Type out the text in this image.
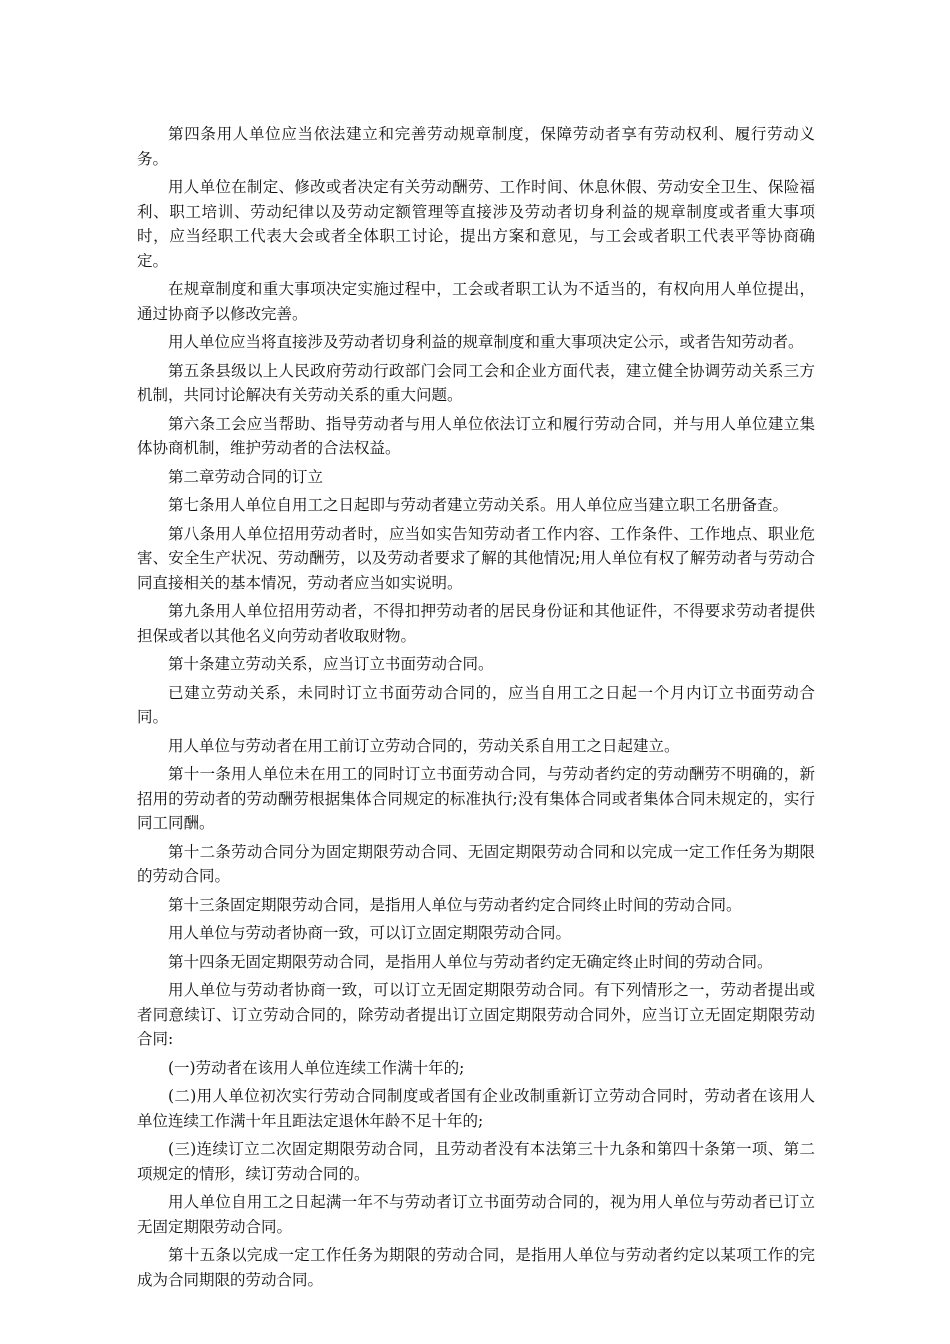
第四条用人单位应当依法建立和完善劳动规章制度，保障劳动者享有劳动权利、履行劳动义务。

用人单位在制定、修改或者决定有关劳动酬劳、工作时间、休息休假、劳动安全卫生、保险福利、职工培训、劳动纪律以及劳动定额管理等直接涉及劳动者切身利益的规章制度或者重大事项时，应当经职工代表大会或者全体职工讨论，提出方案和意见，与工会或者职工代表平等协商确定。

在规章制度和重大事项决定实施过程中，工会或者职工认为不适当的，有权向用人单位提出，通过协商予以修改完善。

用人单位应当将直接涉及劳动者切身利益的规章制度和重大事项决定公示，或者告知劳动者。

第五条县级以上人民政府劳动行政部门会同工会和企业方面代表，建立健全协调劳动关系三方机制，共同讨论解决有关劳动关系的重大问题。

第六条工会应当帮助、指导劳动者与用人单位依法订立和履行劳动合同，并与用人单位建立集体协商机制，维护劳动者的合法权益。

第二章劳动合同的订立

第七条用人单位自用工之日起即与劳动者建立劳动关系。用人单位应当建立职工名册备查。

第八条用人单位招用劳动者时，应当如实告知劳动者工作内容、工作条件、工作地点、职业危害、安全生产状况、劳动酬劳，以及劳动者要求了解的其他情况;用人单位有权了解劳动者与劳动合同直接相关的基本情况，劳动者应当如实说明。

第九条用人单位招用劳动者，不得扣押劳动者的居民身份证和其他证件，不得要求劳动者提供担保或者以其他名义向劳动者收取财物。

第十条建立劳动关系，应当订立书面劳动合同。

已建立劳动关系，未同时订立书面劳动合同的，应当自用工之日起一个月内订立书面劳动合同。

用人单位与劳动者在用工前订立劳动合同的，劳动关系自用工之日起建立。

第十一条用人单位未在用工的同时订立书面劳动合同，与劳动者约定的劳动酬劳不明确的，新招用的劳动者的劳动酬劳根据集体合同规定的标准执行;没有集体合同或者集体合同未规定的，实行同工同酬。

第十二条劳动合同分为固定期限劳动合同、无固定期限劳动合同和以完成一定工作任务为期限的劳动合同。

第十三条固定期限劳动合同，是指用人单位与劳动者约定合同终止时间的劳动合同。

用人单位与劳动者协商一致，可以订立固定期限劳动合同。

第十四条无固定期限劳动合同，是指用人单位与劳动者约定无确定终止时间的劳动合同。

用人单位与劳动者协商一致，可以订立无固定期限劳动合同。有下列情形之一，劳动者提出或者同意续订、订立劳动合同的，除劳动者提出订立固定期限劳动合同外，应当订立无固定期限劳动合同:

(一)劳动者在该用人单位连续工作满十年的;

(二)用人单位初次实行劳动合同制度或者国有企业改制重新订立劳动合同时，劳动者在该用人单位连续工作满十年且距法定退休年龄不足十年的;

(三)连续订立二次固定期限劳动合同，且劳动者没有本法第三十九条和第四十条第一项、第二项规定的情形，续订劳动合同的。

用人单位自用工之日起满一年不与劳动者订立书面劳动合同的，视为用人单位与劳动者已订立无固定期限劳动合同。

第十五条以完成一定工作任务为期限的劳动合同，是指用人单位与劳动者约定以某项工作的完成为合同期限的劳动合同。
